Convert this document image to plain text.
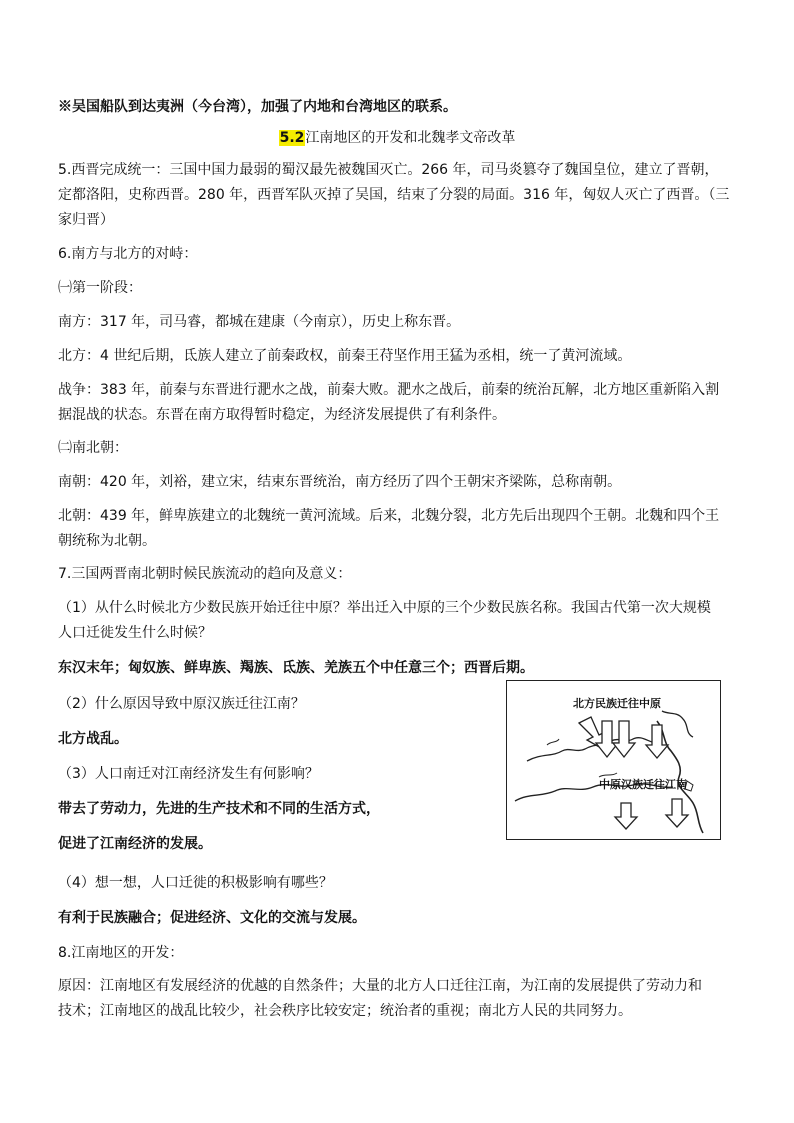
※吴国船队到达夷洲（今台湾），加强了内地和台湾地区的联系。

5.2江南地区的开发和北魏孝文帝改革

5.西晋完成统一：三国中国力最弱的蜀汉最先被魏国灭亡。266 年，司马炎篡夺了魏国皇位，建立了晋朝，

定都洛阳，史称西晋。280 年，西晋军队灭掉了吴国，结束了分裂的局面。316 年，匈奴人灭亡了西晋。（三

家归晋）

6.南方与北方的对峙：

㈠第一阶段：

南方：317 年，司马睿，都城在建康（今南京），历史上称东晋。

北方：4 世纪后期，氐族人建立了前秦政权，前秦王苻坚作用王猛为丞相，统一了黄河流域。

战争：383 年，前秦与东晋进行淝水之战，前秦大败。淝水之战后，前秦的统治瓦解，北方地区重新陷入割

据混战的状态。东晋在南方取得暂时稳定，为经济发展提供了有利条件。

㈡南北朝：

南朝：420 年，刘裕，建立宋，结束东晋统治，南方经历了四个王朝宋齐梁陈，总称南朝。

北朝：439 年，鲜卑族建立的北魏统一黄河流域。后来，北魏分裂，北方先后出现四个王朝。北魏和四个王

朝统称为北朝。

7.三国两晋南北朝时候民族流动的趋向及意义：

（1）从什么时候北方少数民族开始迁往中原？举出迁入中原的三个少数民族名称。我国古代第一次大规模

人口迁徙发生什么时候？

东汉末年；匈奴族、鲜卑族、羯族、氐族、羌族五个中任意三个；西晋后期。

（2）什么原因导致中原汉族迁往江南？

北方战乱。

（3）人口南迁对江南经济发生有何影响？

带去了劳动力，先进的生产技术和不同的生活方式，

促进了江南经济的发展。

（4）想一想，人口迁徙的积极影响有哪些？

有利于民族融合；促进经济、文化的交流与发展。

8.江南地区的开发：

原因：江南地区有发展经济的优越的自然条件；大量的北方人口迁往江南，为江南的发展提供了劳动力和

技术；江南地区的战乱比较少，社会秩序比较安定；统治者的重视；南北方人民的共同努力。

北方民族迁往中原
中原汉族迁往江南
